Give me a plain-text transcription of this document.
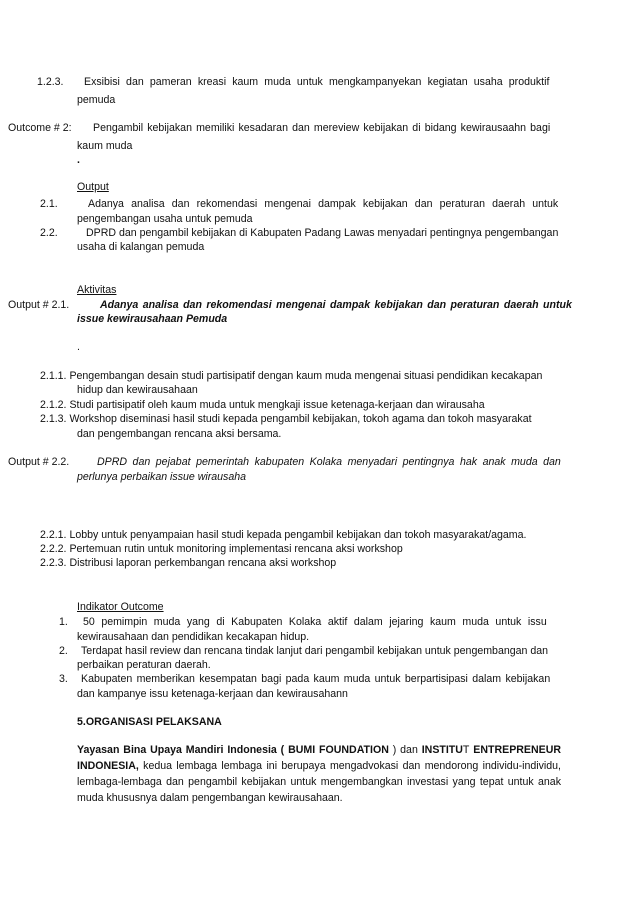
1.2.3. Exsibisi dan pameran kreasi kaum muda untuk mengkampanyekan kegiatan usaha produktif
pemuda
Outcome # 2: Pengambil kebijakan memiliki kesadaran dan mereview kebijakan di bidang kewirausaahn bagi
kaum muda
.
Output
2.1.	Adanya analisa dan rekomendasi mengenai dampak kebijakan dan peraturan daerah untuk
pengembangan usaha untuk pemuda
2.2.	DPRD dan pengambil kebijakan di Kabupaten Padang Lawas menyadari pentingnya pengembangan
usaha di kalangan pemuda
Aktivitas
Output # 2.1.	Adanya analisa dan rekomendasi mengenai dampak kebijakan dan peraturan daerah untuk
issue kewirausahaan Pemuda
.
2.1.1. Pengembangan desain studi partisipatif dengan kaum muda mengenai situasi pendidikan kecakapan
hidup dan kewirausahaan
2.1.2. Studi partisipatif oleh kaum muda untuk mengkaji issue ketenaga-kerjaan dan wirausaha
2.1.3. Workshop diseminasi hasil studi kepada pengambil kebijakan, tokoh agama dan tokoh masyarakat
dan pengembangan rencana aksi bersama.
Output # 2.2.	DPRD dan pejabat pemerintah kabupaten Kolaka menyadari pentingnya hak anak muda dan
perlunya perbaikan issue wirausaha
2.2.1. Lobby untuk penyampaian hasil studi kepada pengambil kebijakan dan tokoh masyarakat/agama.
2.2.2. Pertemuan rutin untuk monitoring implementasi rencana aksi workshop
2.2.3. Distribusi laporan perkembangan rencana aksi workshop
Indikator Outcome
1. 50 pemimpin muda yang di Kabupaten Kolaka aktif dalam jejaring kaum muda untuk issu
kewirausahaan dan pendidikan kecakapan hidup.
2. Terdapat hasil review dan rencana tindak lanjut dari pengambil kebijakan untuk pengembangan dan
perbaikan peraturan daerah.
3. Kabupaten memberikan kesempatan bagi pada kaum muda untuk berpartisipasi dalam kebijakan
dan kampanye issu ketenaga-kerjaan dan kewirausahann
5.ORGANISASI PELAKSANA
Yayasan Bina Upaya Mandiri Indonesia ( BUMI FOUNDATION ) dan INSTITUT ENTREPRENEUR INDONESIA, kedua lembaga lembaga ini berupaya mengadvokasi dan mendorong individu-individu, lembaga-lembaga dan pengambil kebijakan untuk mengembangkan investasi yang tepat untuk anak muda khususnya dalam pengembangan kewirausahaan.
